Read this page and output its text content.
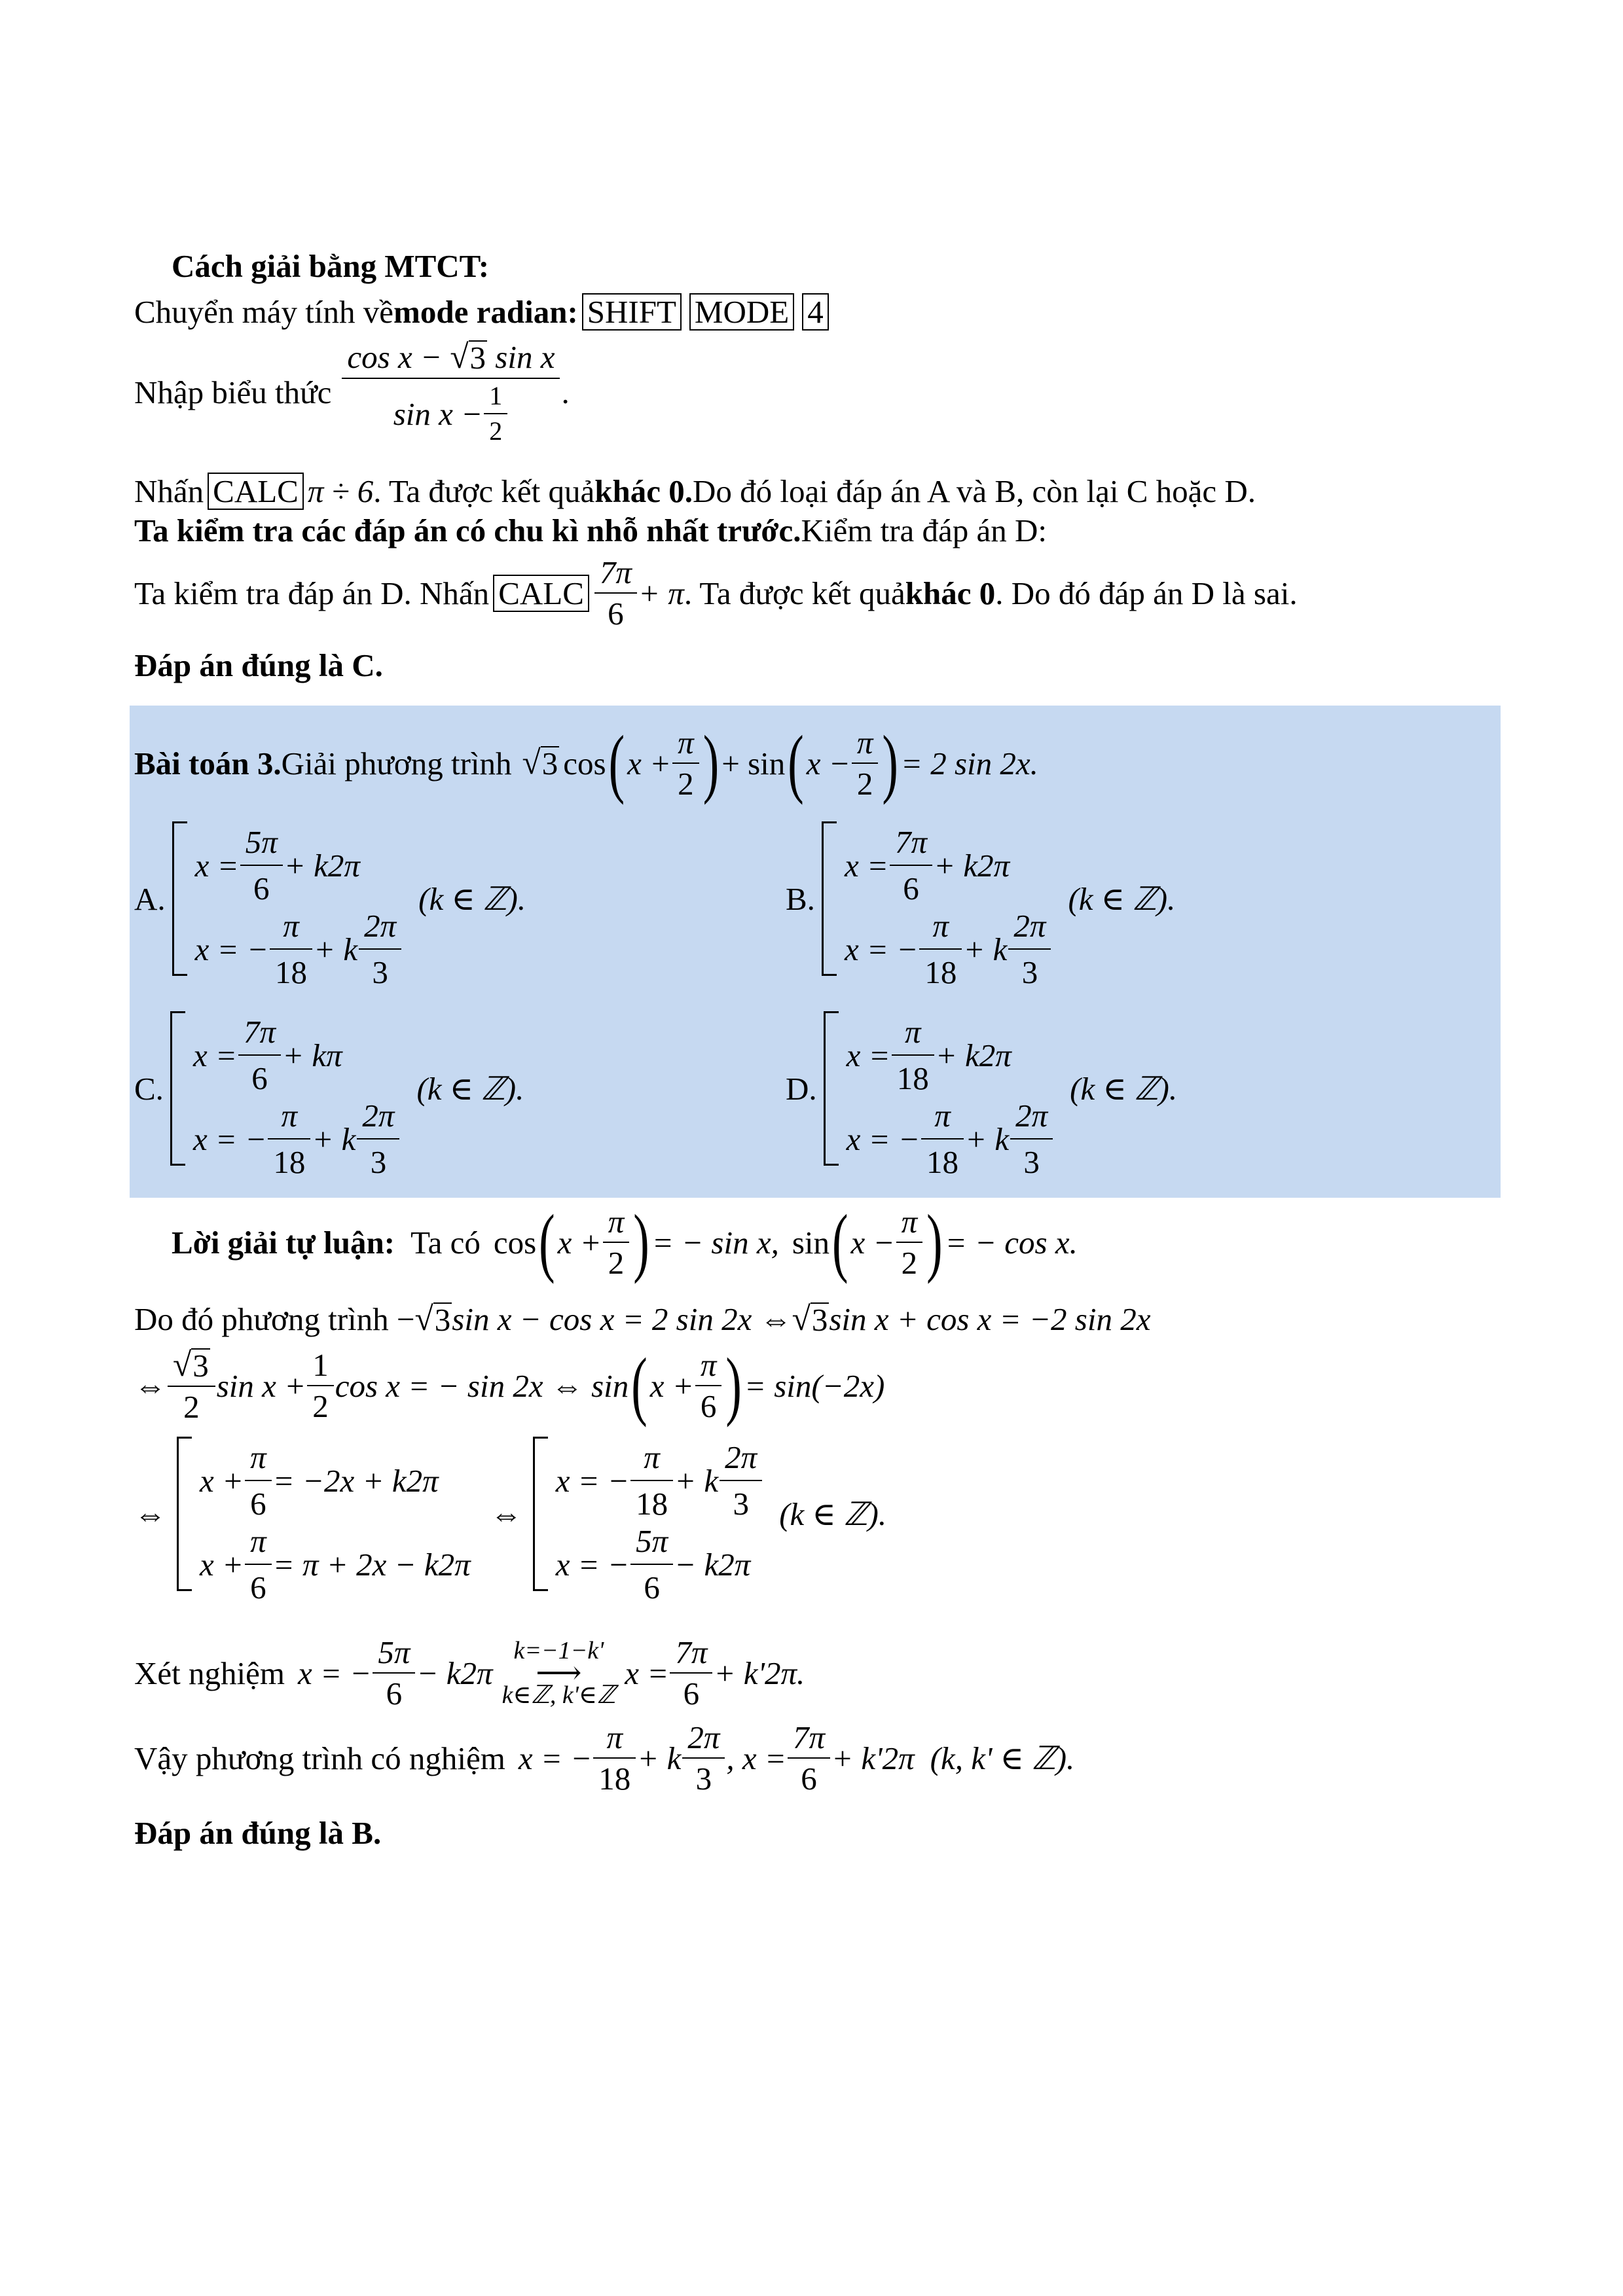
Cách giải bằng MTCT:
Chuyển máy tính về mode radian: SHIFT MODE 4
Nhập biểu thức $\frac{\text{cos x − √ 3 sin x}}{\sin x - \frac{1}{2}}$ .
Nhấn CALC π ÷ 6 . Ta được kết quả khác 0. Do đó loại đáp án A và B, còn lại C hoặc D.
Ta kiểm tra các đáp án có chu kì nhỗ nhất trước. Kiểm tra đáp án D:
Ta kiểm tra đáp án D. Nhấn CALC $\frac{7\pi}{6} + \pi$ . Ta được kết quả khác 0 . Do đó đáp án D là sai.
Đáp án đúng là C.
Bài toán 3. Giải phương trình √ 3 cos ( $x + \frac{\pi}{2}$ ) + sin ( $x - \frac{\pi}{2}$ ) = 2 sin 2x.
A.
$x = \frac{5\pi}{6} + k2\pi$
x = − $\frac{\pi}{18} + k \frac{2\pi}{3}$
(k ∈ ℤ).	B.
$x = \frac{7\pi}{6} + k2\pi$
x = − $\frac{\pi}{18} + k \frac{2\pi}{3}$
(k ∈ ℤ).
C.
$x = \frac{7\pi}{6} + k\pi$
x = − $\frac{\pi}{18} + k \frac{2\pi}{3}$
(k ∈ ℤ).	D.
$x = \frac{\pi}{18} + k2\pi$
x = − $\frac{\pi}{18} + k \frac{2\pi}{3}$
(k ∈ ℤ).
Lời giải tự luận: Ta có cos ( $x + \frac{\pi}{2}$ ) = − sin x, sin ( $x - \frac{\pi}{2}$ ) = − cos x.
Do đó phương trình − √ 3 sin x − cos x = 2 sin 2x ⇔ √ 3 sin x + cos x = −2 sin 2x
⇔ $\frac{√ 3}{2}$ $\sin x + \frac{1}{2}$ cos x = − sin 2x ⇔ sin ( $x + \frac{\pi}{6}$ ) = sin(−2x)
⇔
$x + \frac{\pi}{6} = -2x + k2\pi$
$x + \frac{\pi}{6} = \pi + 2x - k2\pi$
⇔
x = − $\frac{\pi}{18} + k \frac{2\pi}{3}$
x = − $\frac{5\pi}{6} - k2\pi$
(k ∈ ℤ).
Xét nghiệm x = − $\frac{5\pi}{6} - k2\pi$
k=−1−k'
⟶
k∈ℤ, k'∈ℤ
$x = \frac{7\pi}{6} + k'2\pi$.
Vậy phương trình có nghiệm x = − $\frac{\pi}{18} + k \frac{2\pi}{3}$ , $x = \frac{7\pi}{6} + k'2\pi$ (k, k' ∈ ℤ).
Đáp án đúng là B.
